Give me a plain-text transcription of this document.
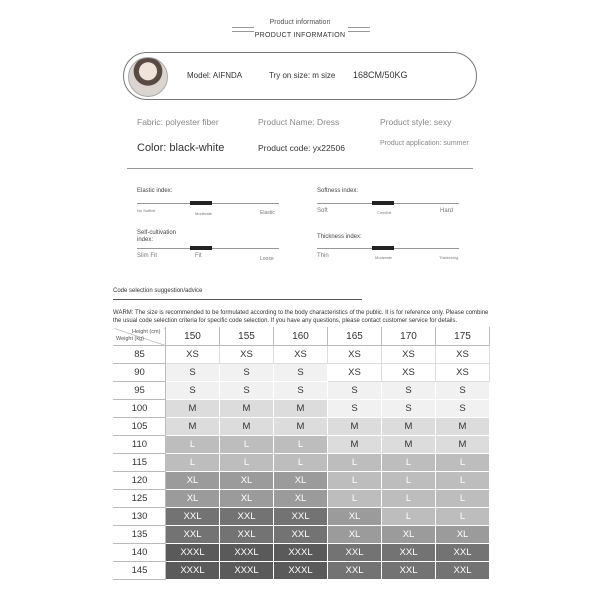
Product information
PRODUCT INFORMATION
Model: AIFNDA	Try on size: m size 168CM/50KG
Fabric: polyester fiber	Product Name: Dress	Product style: sexy
Color: black-white	Product code: yx22506	Product application: summer
Elastic index:
No Sufficit
Moderate	Elastic
Softness index:
Soft	Comfort	Hard
Self-cultivation index:
Slim Fit	Fit	Loose
Thickness index:
Thin	Moderate	Thickening
Code selection suggestion/advice
WARM: The size is recommended to be formulated according to the body characteristics of the public. It is for reference only. Please combine the usual code selection criteria for specific code selection. If you have any questions, please contact customer service for details.
Height (cm)
Weight (kg)	150	155	160	165	170	175
85	XS	XS	XS	XS	XS	XS
90	S	S	S	XS	XS	XS
95	S	S	S	S	S	S
100	M	M	M	S	S	S
105	M	M	M	M	M	M
110	L	L	L	M	M	M
115	L	L	L	L	L	L
120	XL	XL	XL	L	L	L
125	XL	XL	XL	L	L	L
130	XXL	XXL	XXL	XL	L	L
135	XXL	XXL	XXL	XL	XL	XL
140	XXXL	XXXL	XXXL	XXL	XXL	XXL
145	XXXL	XXXL	XXXL	XXL	XXL	XXL
